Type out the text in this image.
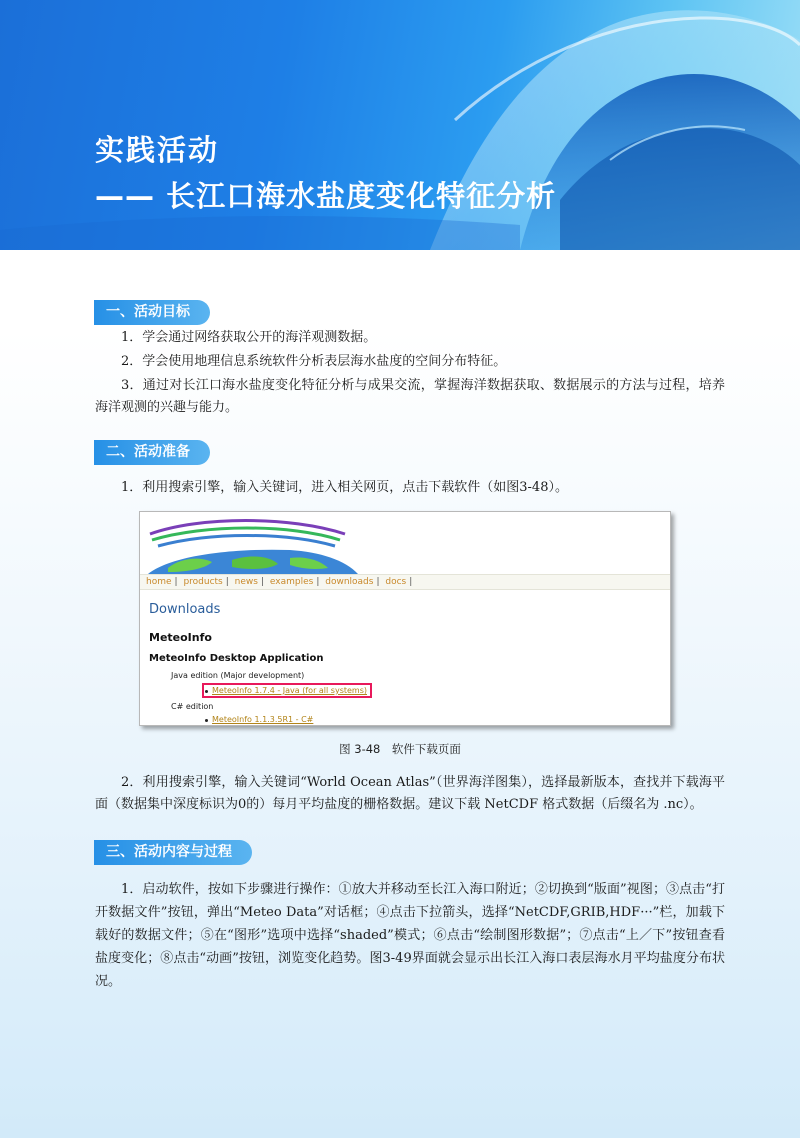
实践活动
—— 长江口海水盐度变化特征分析
一、活动目标
1．学会通过网络获取公开的海洋观测数据。
2．学会使用地理信息系统软件分析表层海水盐度的空间分布特征。
3．通过对长江口海水盐度变化特征分析与成果交流，掌握海洋数据获取、数据展示的方法与过程，培养海洋观测的兴趣与能力。
二、活动准备
1．利用搜索引擎，输入关键词，进入相关网页，点击下载软件（如图3-48）。
home | products | news | examples | downloads | docs |
Downloads
MeteoInfo
MeteoInfo Desktop Application
Java edition (Major development)
MeteoInfo 1.7.4 - Java (for all systems)
C# edition
MeteoInfo 1.1.3.5R1 - C#
图 3-48　软件下载页面
2．利用搜索引擎，输入关键词“World Ocean Atlas”（世界海洋图集），选择最新版本，查找并下载海平面（数据集中深度标识为0的）每月平均盐度的栅格数据。建议下载 NetCDF 格式数据（后缀名为 .nc）。
三、活动内容与过程
1．启动软件，按如下步骤进行操作：①放大并移动至长江入海口附近；②切换到“版面”视图；③点击“打开数据文件”按钮，弹出“Meteo Data”对话框；④点击下拉箭头，选择“NetCDF,GRIB,HDF···”栏，加载下载好的数据文件；⑤在“图形”选项中选择“shaded”模式；⑥点击“绘制图形数据”；⑦点击“上／下”按钮查看盐度变化；⑧点击“动画”按钮，浏览变化趋势。图3-49界面就会显示出长江入海口表层海水月平均盐度分布状况。
